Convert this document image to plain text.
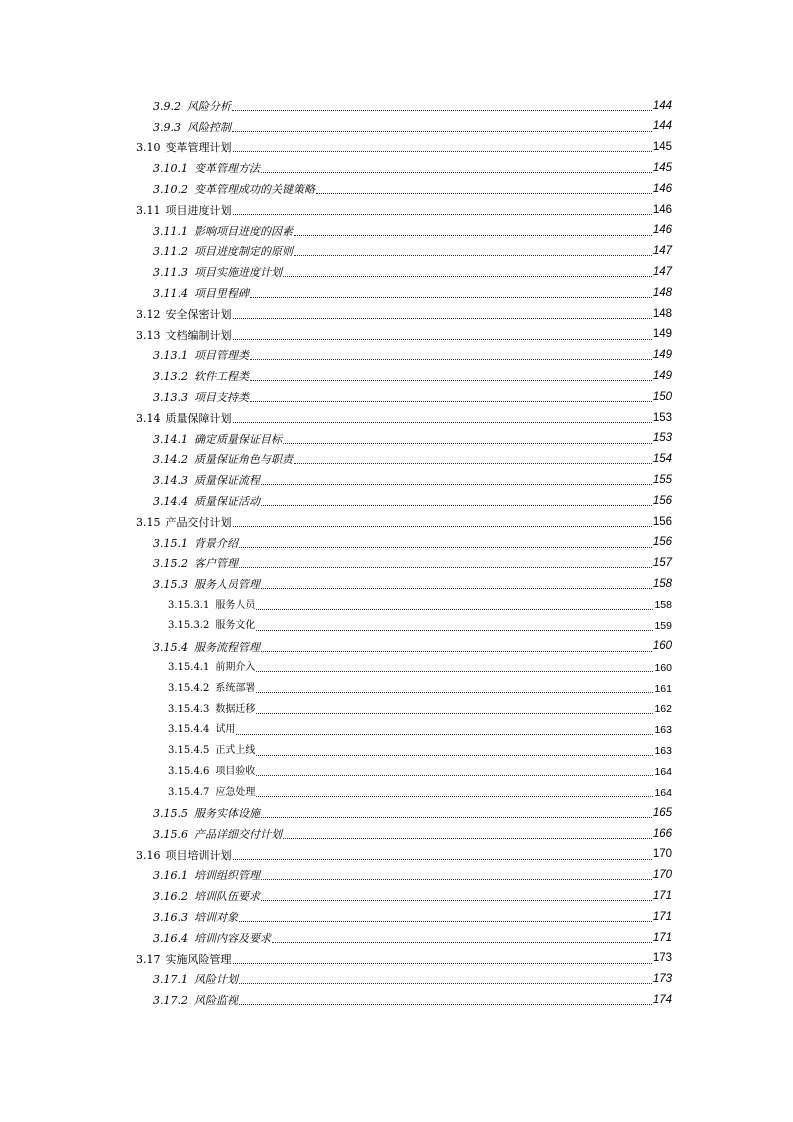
3.9.2 风险分析	144
3.9.3 风险控制	144
3.10 变革管理计划	145
3.10.1 变革管理方法	145
3.10.2 变革管理成功的关键策略	146
3.11 项目进度计划	146
3.11.1 影响项目进度的因素	146
3.11.2 项目进度制定的原则	147
3.11.3 项目实施进度计划	147
3.11.4 项目里程碑	148
3.12 安全保密计划	148
3.13 文档编制计划	149
3.13.1 项目管理类	149
3.13.2 软件工程类	149
3.13.3 项目支持类	150
3.14 质量保障计划	153
3.14.1 确定质量保证目标	153
3.14.2 质量保证角色与职责	154
3.14.3 质量保证流程	155
3.14.4 质量保证活动	156
3.15 产品交付计划	156
3.15.1 背景介绍	156
3.15.2 客户管理	157
3.15.3 服务人员管理	158
3.15.3.1 服务人员	158
3.15.3.2 服务文化	159
3.15.4 服务流程管理	160
3.15.4.1 前期介入	160
3.15.4.2 系统部署	161
3.15.4.3 数据迁移	162
3.15.4.4 试用	163
3.15.4.5 正式上线	163
3.15.4.6 项目验收	164
3.15.4.7 应急处理	164
3.15.5 服务实体设施	165
3.15.6 产品详细交付计划	166
3.16 项目培训计划	170
3.16.1 培训组织管理	170
3.16.2 培训队伍要求	171
3.16.3 培训对象	171
3.16.4 培训内容及要求	171
3.17 实施风险管理	173
3.17.1 风险计划	173
3.17.2 风险监视	174
